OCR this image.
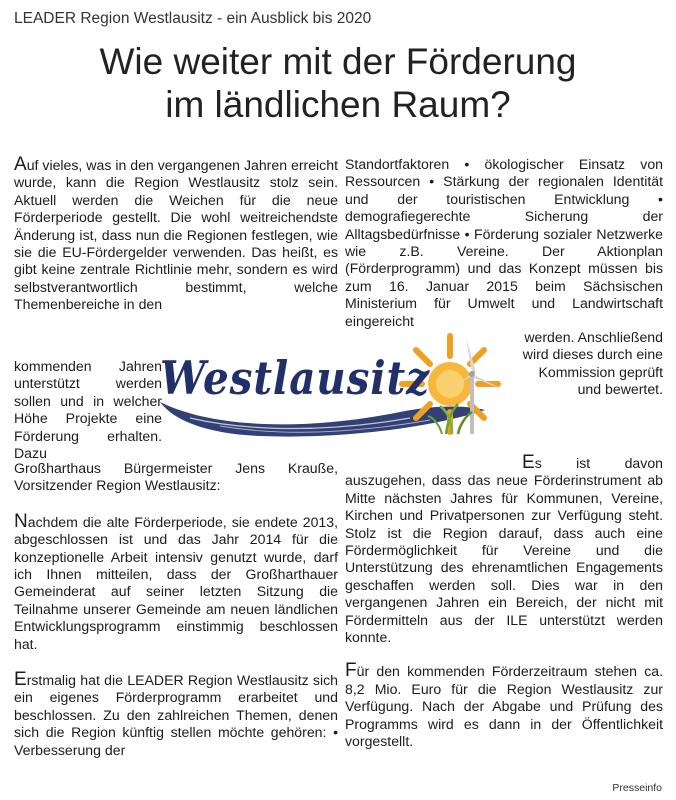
LEADER Region Westlausitz - ein Ausblick bis 2020
Wie weiter mit der Förderung
im ländlichen Raum?

Auf vieles, was in den vergangenen Jahren erreicht wurde, kann die Region Westlausitz stolz sein. Aktuell werden die Weichen für die neue Förderperiode gestellt. Die wohl weitreichendste Änderung ist, dass nun die Regionen festlegen, wie sie die EU-Fördergelder verwenden. Das heißt, es gibt keine zentrale Richtlinie mehr, sondern es wird selbstverantwortlich bestimmt, welche Themenbereiche in den

kommenden Jahren unterstützt werden sollen und in welcher Höhe Projekte eine Förderung erhalten. Dazu

Großharthaus Bürgermeister Jens Krauße, Vorsitzender Region Westlausitz:

Nachdem die alte Förderperiode, sie endete 2013, abgeschlossen ist und das Jahr 2014 für die konzeptionelle Arbeit intensiv genutzt wurde, darf ich Ihnen mitteilen, dass der Großharthauer Gemeinderat auf seiner letzten Sitzung die Teilnahme unserer Gemeinde am neuen ländlichen Entwicklungsprogramm einstimmig beschlossen hat.

Erstmalig hat die LEADER Region Westlausitz sich ein eigenes Förderprogramm erarbeitet und beschlossen. Zu den zahlreichen Themen, denen sich die Region künftig stellen möchte gehören: • Verbesserung der

Standortfaktoren • ökologischer Einsatz von Ressourcen • Stärkung der regionalen Identität und der touristischen Entwicklung • demografiegerechte Sicherung der Alltagsbedürfnisse • Förderung sozialer Netzwerke wie z.B. Vereine. Der Aktionplan (Förderprogramm) und das Konzept müssen bis zum 16. Januar 2015 beim Sächsischen Ministerium für Umwelt und Landwirtschaft eingereicht

werden. Anschließend wird dieses durch eine Kommission geprüft und bewertet.

Es ist davon auszugehen, dass das neue Förderinstrument ab Mitte nächsten Jahres für Kommunen, Vereine, Kirchen und Privatpersonen zur Verfügung steht. Stolz ist die Region darauf, dass auch eine Fördermöglichkeit für Vereine und die Unterstützung des ehrenamtlichen Engagements geschaffen werden soll. Dies war in den vergangenen Jahren ein Bereich, der nicht mit Fördermitteln aus der ILE unterstützt werden konnte.

Für den kommenden Förderzeitraum stehen ca. 8,2 Mio. Euro für die Region Westlausitz zur Verfügung. Nach der Abgabe und Prüfung des Programms wird es dann in der Öffentlichkeit vorgestellt.

Presseinfo
Westlausitz
